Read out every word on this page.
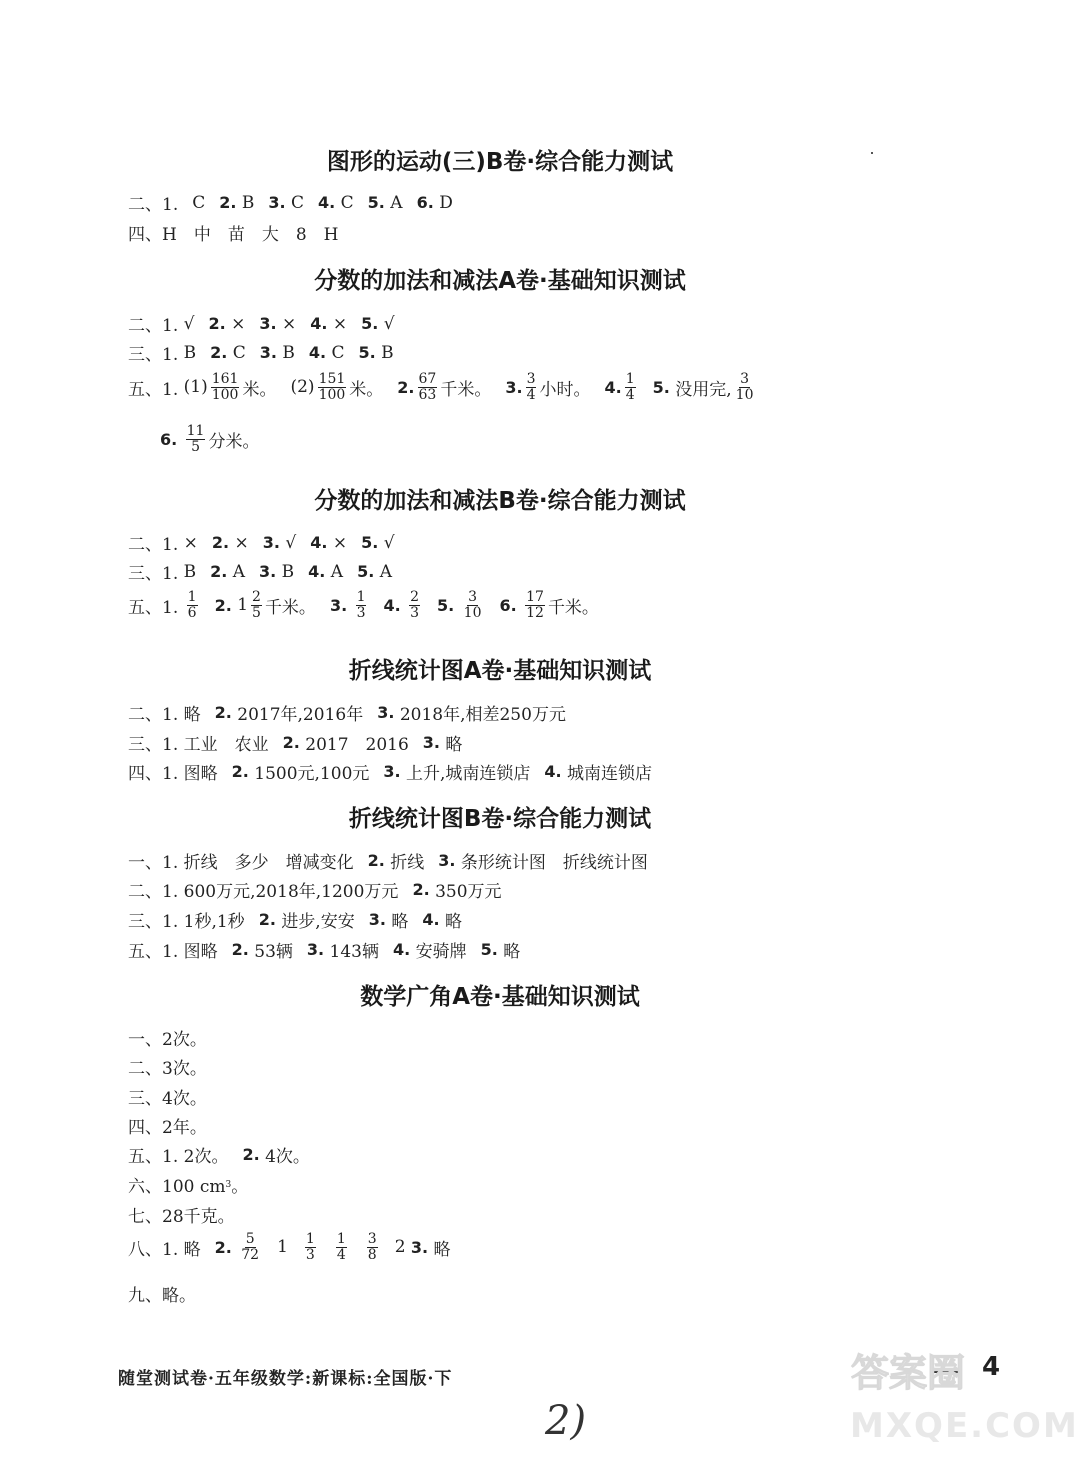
图形的运动(三)B卷·综合能力测试
二、1. C 2.
B 3.
C 4.
C 5.
A 6.
D
四、 H　中　苗　大　8　H
分数的加法和减法A卷·基础知识测试
二、1.
√ 2.
× 3.
× 4.
× 5.
√
三、1.
B 2.
C 3.
B 4.
C 5.
B
五、1.
$(1) \frac{161}{100}$ 米。 $(2) \frac{151}{100}$ 米。 2. $\frac{67}{63}$ 千米。 3. $\frac{3}{4}$ 小时。 4. $\frac{1}{4} 5$.
没用完, $\frac{3}{10}$
6.
$\frac{11}{5}$ 分米。
分数的加法和减法B卷·综合能力测试
二、1.
× 2.
× 3.
√ 4.
× 5.
√
三、1.
B 2.
A 3.
B 4.
A 5.
A
五、1.
$\frac{1}{6} 2$.
$1 \frac{2}{5}$ 千米。 3.
$\frac{1}{3} 4$.
$\frac{2}{3} 5$.
$\frac{3}{10} 6$.
$\frac{17}{12}$ 千米。
折线统计图A卷·基础知识测试
二、1.
略 2.
2017年,2016年 3.
2018年,相差250万元
三、1.
工业　农业 2.
2017　2016 3.
略
四、1.
图略 2.
1500元,100元 3.
上升,城南连锁店 4.
城南连锁店
折线统计图B卷·综合能力测试
一、1.
折线　多少　增减变化 2.
折线 3.
条形统计图　折线统计图
二、1.
600万元,2018年,1200万元 2.
350万元
三、1.
1秒,1秒 2.
进步,安安 3.
略 4.
略
五、1.
图略 2.
53辆 3.
143辆 4.
安骑牌 5.
略
数学广角A卷·基础知识测试
一、2次。
二、3次。
三、4次。
四、2年。
五、1.
2次。 2.
4次。
六、100 cm 3 。
七、28千克。
八、1.
略 2.
$\frac{5}{72} 1 \frac{1}{3} \frac{1}{4} \frac{3}{8} 2$
3.
略
九、略。
随堂测试卷·五年级数学:新课标:全国版·下	4
2)
答案圈
MXQE.COM
